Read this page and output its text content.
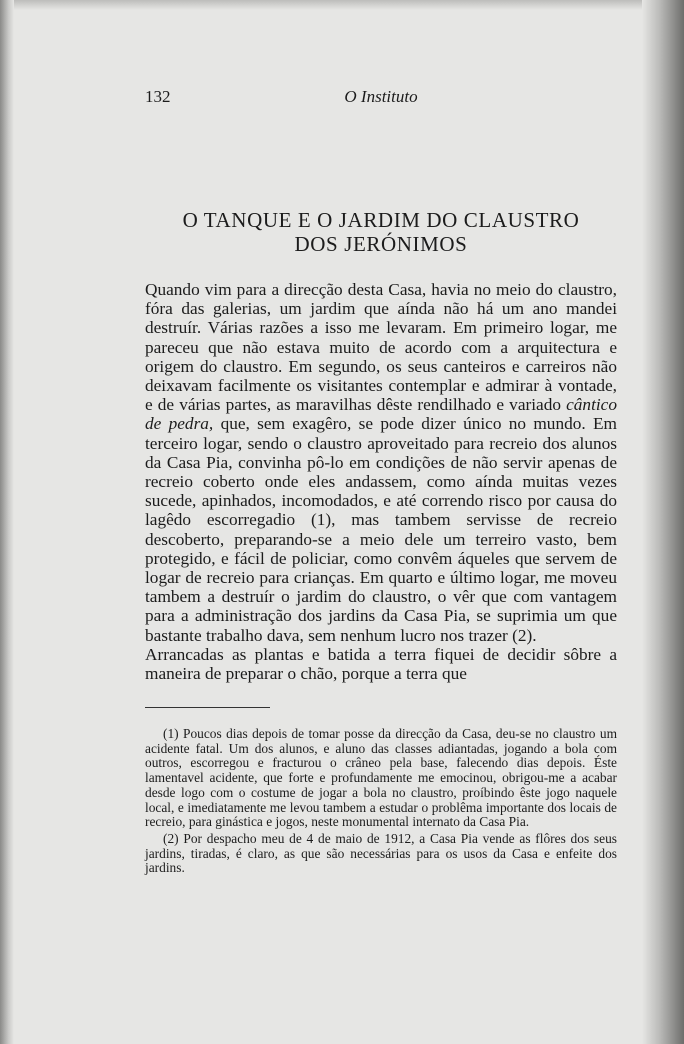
132	O Instituto
O TANQUE E O JARDIM DO CLAUSTRO
DOS JERÓNIMOS

Quando vim para a direcção desta Casa, havia no meio do claustro, fóra das galerias, um jardim que aínda não há um ano mandei destruír. Várias razões a isso me levaram. Em primeiro logar, me pareceu que não estava muito de acordo com a arquitectura e origem do claustro. Em segundo, os seus canteiros e carreiros não deixavam facilmente os visitantes contemplar e admirar à vontade, e de várias partes, as maravilhas dêste rendilhado e variado cântico de pedra, que, sem exagêro, se pode dizer único no mundo. Em terceiro logar, sendo o claustro aproveitado para recreio dos alunos da Casa Pia, convinha pô-lo em condições de não servir apenas de recreio coberto onde eles andassem, como aínda muitas vezes sucede, apinhados, incomodados, e até correndo risco por causa do lagêdo escorregadio (1), mas tambem servisse de recreio descoberto, preparando-se a meio dele um terreiro vasto, bem protegido, e fácil de policiar, como convêm áqueles que servem de logar de recreio para crianças. Em quarto e último logar, me moveu tambem a destruír o jardim do claustro, o vêr que com vantagem para a administração dos jardins da Casa Pia, se suprimia um que bastante trabalho dava, sem nenhum lucro nos trazer (2).

Arrancadas as plantas e batida a terra fiquei de decidir sôbre a maneira de preparar o chão, porque a terra que

(1) Poucos dias depois de tomar posse da direcção da Casa, deu-se no claustro um acidente fatal. Um dos alunos, e aluno das classes adiantadas, jogando a bola com outros, escorregou e fracturou o crâneo pela base, falecendo dias depois. Éste lamentavel acidente, que forte e profundamente me emocinou, obrigou-me a acabar desde logo com o costume de jogar a bola no claustro, proíbindo êste jogo naquele local, e imediatamente me levou tambem a estudar o problêma importante dos locais de recreio, para ginástica e jogos, neste monumental internato da Casa Pia.

(2) Por despacho meu de 4 de maio de 1912, a Casa Pia vende as flôres dos seus jardins, tiradas, é claro, as que são necessárias para os usos da Casa e enfeite dos jardins.
